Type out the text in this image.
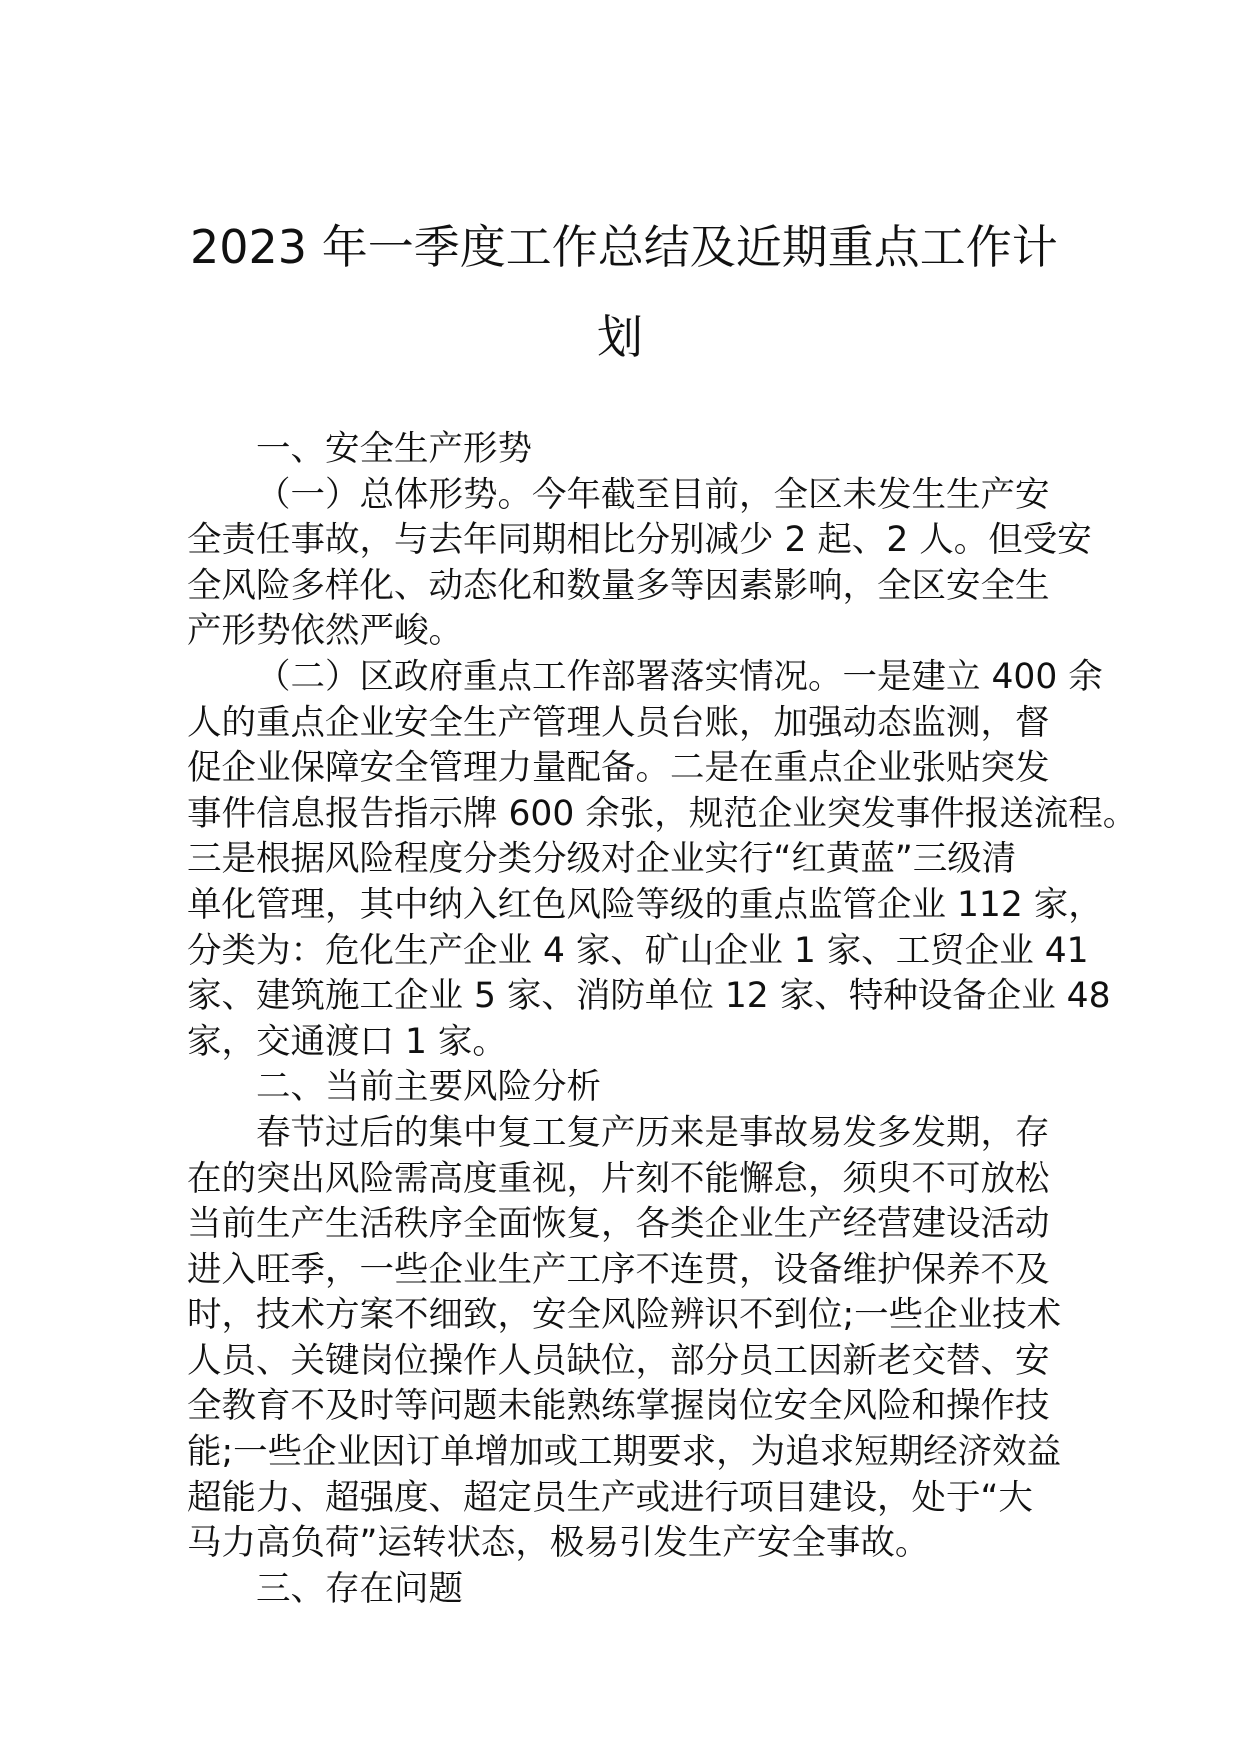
2023 年一季度工作总结及近期重点工作计
划

一、安全生产形势

（一）总体形势。今年截至目前，全区未发生生产安

全责任事故，与去年同期相比分别减少 2 起、2 人。但受安

全风险多样化、动态化和数量多等因素影响，全区安全生

产形势依然严峻。

（二）区政府重点工作部署落实情况。一是建立 400 余

人的重点企业安全生产管理人员台账，加强动态监测，督

促企业保障安全管理力量配备。二是在重点企业张贴突发

事件信息报告指示牌 600 余张，规范企业突发事件报送流程。

三是根据风险程度分类分级对企业实行“红黄蓝”三级清

单化管理，其中纳入红色风险等级的重点监管企业 112 家，

分类为：危化生产企业 4 家、矿山企业 1 家、工贸企业 41

家、建筑施工企业 5 家、消防单位 12 家、特种设备企业 48

家，交通渡口 1 家。

二、当前主要风险分析

春节过后的集中复工复产历来是事故易发多发期，存

在的突出风险需高度重视，片刻不能懈怠，须臾不可放松

当前生产生活秩序全面恢复，各类企业生产经营建设活动

进入旺季，一些企业生产工序不连贯，设备维护保养不及

时，技术方案不细致，安全风险辨识不到位;一些企业技术

人员、关键岗位操作人员缺位，部分员工因新老交替、安

全教育不及时等问题未能熟练掌握岗位安全风险和操作技

能;一些企业因订单增加或工期要求，为追求短期经济效益

超能力、超强度、超定员生产或进行项目建设，处于“大

马力高负荷”运转状态，极易引发生产安全事故。

三、存在问题
